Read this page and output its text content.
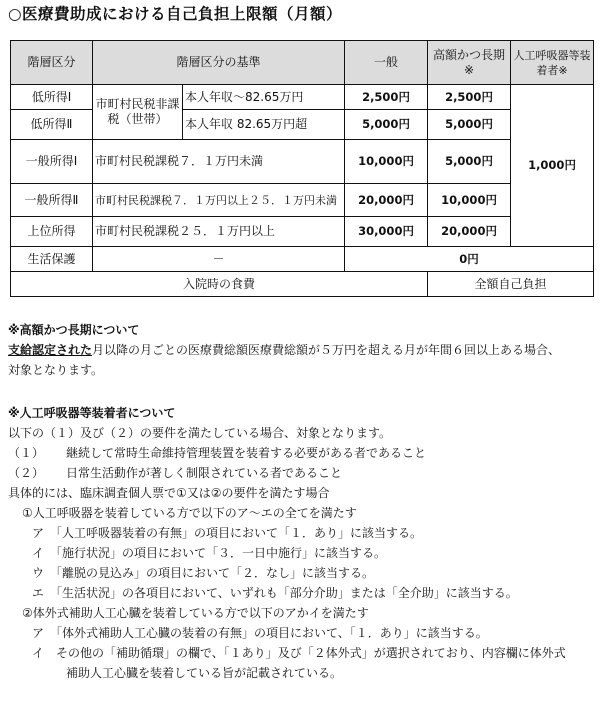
○医療費助成における自己負担上限額（月額）
階層区分	階層区分の基準		一般	高額かつ長期※	人工呼吸器等装着者※
低所得Ⅰ	市町村民税非課税（世帯）	本人年収～82.65万円	2,500円	2,500円	1,000円
低所得Ⅱ		本人年収 82.65万円超	5,000円	5,000円	
一般所得Ⅰ	市町村民税課税７．１万円未満		10,000円	5,000円	
一般所得Ⅱ	市町村民税課税７．１万円以上２５．１万円未満		20,000円	10,000円	
上位所得	市町村民税課税２５．１万円以上		30,000円	20,000円	
生活保護	－		0円		
入院時の食費				全額自己負担	
※高額かつ長期について
支給認定された月以降の月ごとの医療費総額医療費総額が５万円を超える月が年間６回以上ある場合、
対象となります。
※人工呼吸器等装着者について
以下の（１）及び（２）の要件を満たしている場合、対象となります。
（１） 継続して常時生命維持管理装置を装着する必要がある者であること
（２） 日常生活動作が著しく制限されている者であること
具体的には、臨床調査個人票で①又は②の要件を満たす場合
①人工呼吸器を装着している方で以下のア～エの全てを満たす
ア　「人工呼吸器装着の有無」の項目において「１．あり」に該当する。
イ　「施行状況」の項目において「３．一日中施行」に該当する。
ウ　「離脱の見込み」の項目において「２．なし」に該当する。
エ　「生活状況」の各項目において、いずれも「部分介助」または「全介助」に該当する。
②体外式補助人工心臓を装着している方で以下のアかイを満たす
ア　「体外式補助人工心臓の装着の有無」の項目において、「１．あり」に該当する。
イ　その他の「補助循環」の欄で、「１あり」及び「２体外式」が選択されており、内容欄に体外式
補助人工心臓を装着している旨が記載されている。
